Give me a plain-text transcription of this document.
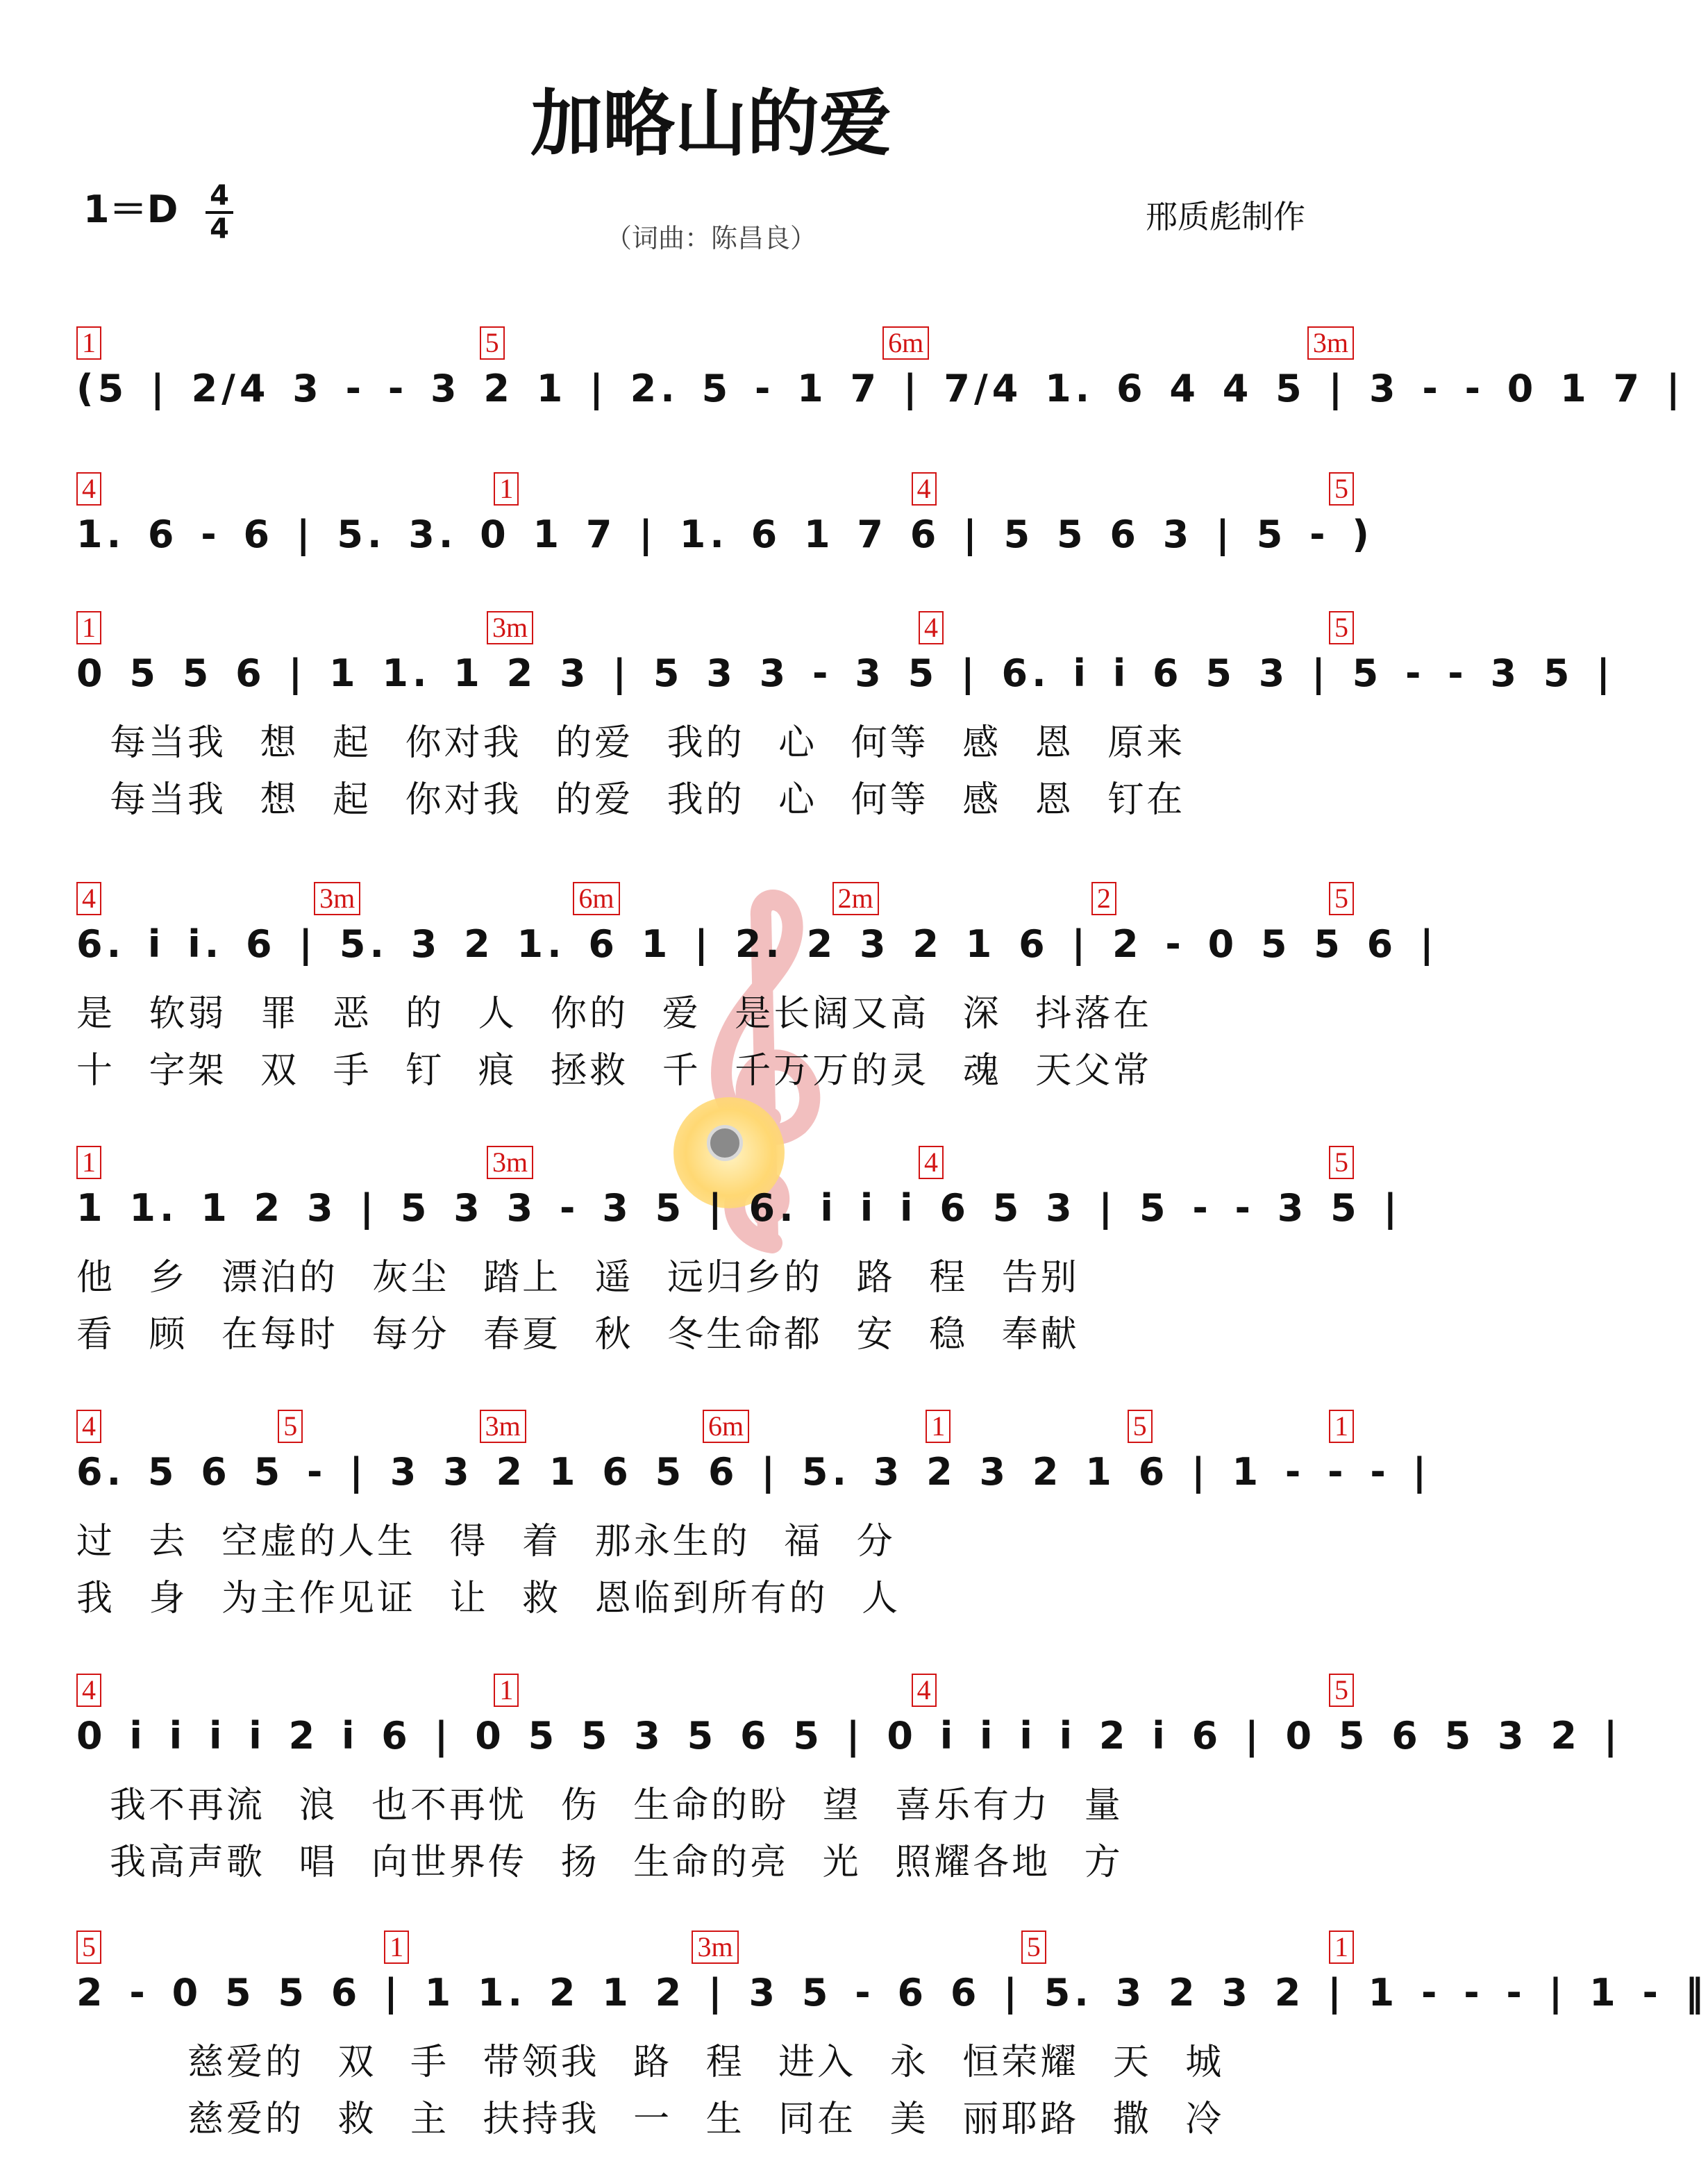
加略山的爱
1＝D 4
4	（词曲：陈昌良）
邢质彪制作
1	5	6m	3m
(5 | 2/4 3 - - 3 2 1 | 2. 5 - 1 7 | 7/4 1. 6 4 4 5 | 3 - - 0 1 7 |
4	1	4	5
1. 6 - 6 | 5. 3. 0 1 7 | 1. 6 1 7 6 | 5 5 6 3 | 5 - )
1	3m	4	5
0 5 5 6 | 1 1. 1 2 3 | 5 3 3 - 3 5 | 6. i i 6 5 3 | 5 - - 3 5 |
每当我 想 起 你对我 的爱 我的 心 何等 感 恩 原来
每当我 想 起 你对我 的爱 我的 心 何等 感 恩 钉在
4	3m	6m	2m	2	5
6. i i. 6 | 5. 3 2 1. 6 1 | 2. 2 3 2 1 6 | 2 - 0 5 5 6 |
是 软弱 罪 恶 的 人 你的 爱 是长阔又高 深 抖落在
十 字架 双 手 钉 痕 拯救 千 千万万的灵 魂 天父常
1	3m	4	5
1 1. 1 2 3 | 5 3 3 - 3 5 | 6. i i i 6 5 3 | 5 - - 3 5 |
他 乡 漂泊的 灰尘 踏上 遥 远归乡的 路 程 告别
看 顾 在每时 每分 春夏 秋 冬生命都 安 稳 奉献
4	5	3m	6m	1	5	1
6. 5 6 5 - | 3 3 2 1 6 5 6 | 5. 3 2 3 2 1 6 | 1 - - - |
过 去 空虚的人生 得 着 那永生的 福 分
我 身 为主作见证 让 救 恩临到所有的 人
4	1	4	5
0 i i i i 2 i 6 | 0 5 5 3 5 6 5 | 0 i i i i 2 i 6 | 0 5 6 5 3 2 |
我不再流 浪 也不再忧 伤 生命的盼 望 喜乐有力 量
我高声歌 唱 向世界传 扬 生命的亮 光 照耀各地 方
5	1	3m	5	1
2 - 0 5 5 6 | 1 1. 2 1 2 | 3 5 - 6 6 | 5. 3 2 3 2 | 1 - - - | 1 - ‖
慈爱的 双 手 带领我 路 程 进入 永 恒荣耀 天 城
慈爱的 救 主 扶持我 一 生 同在 美 丽耶路 撒 冷
